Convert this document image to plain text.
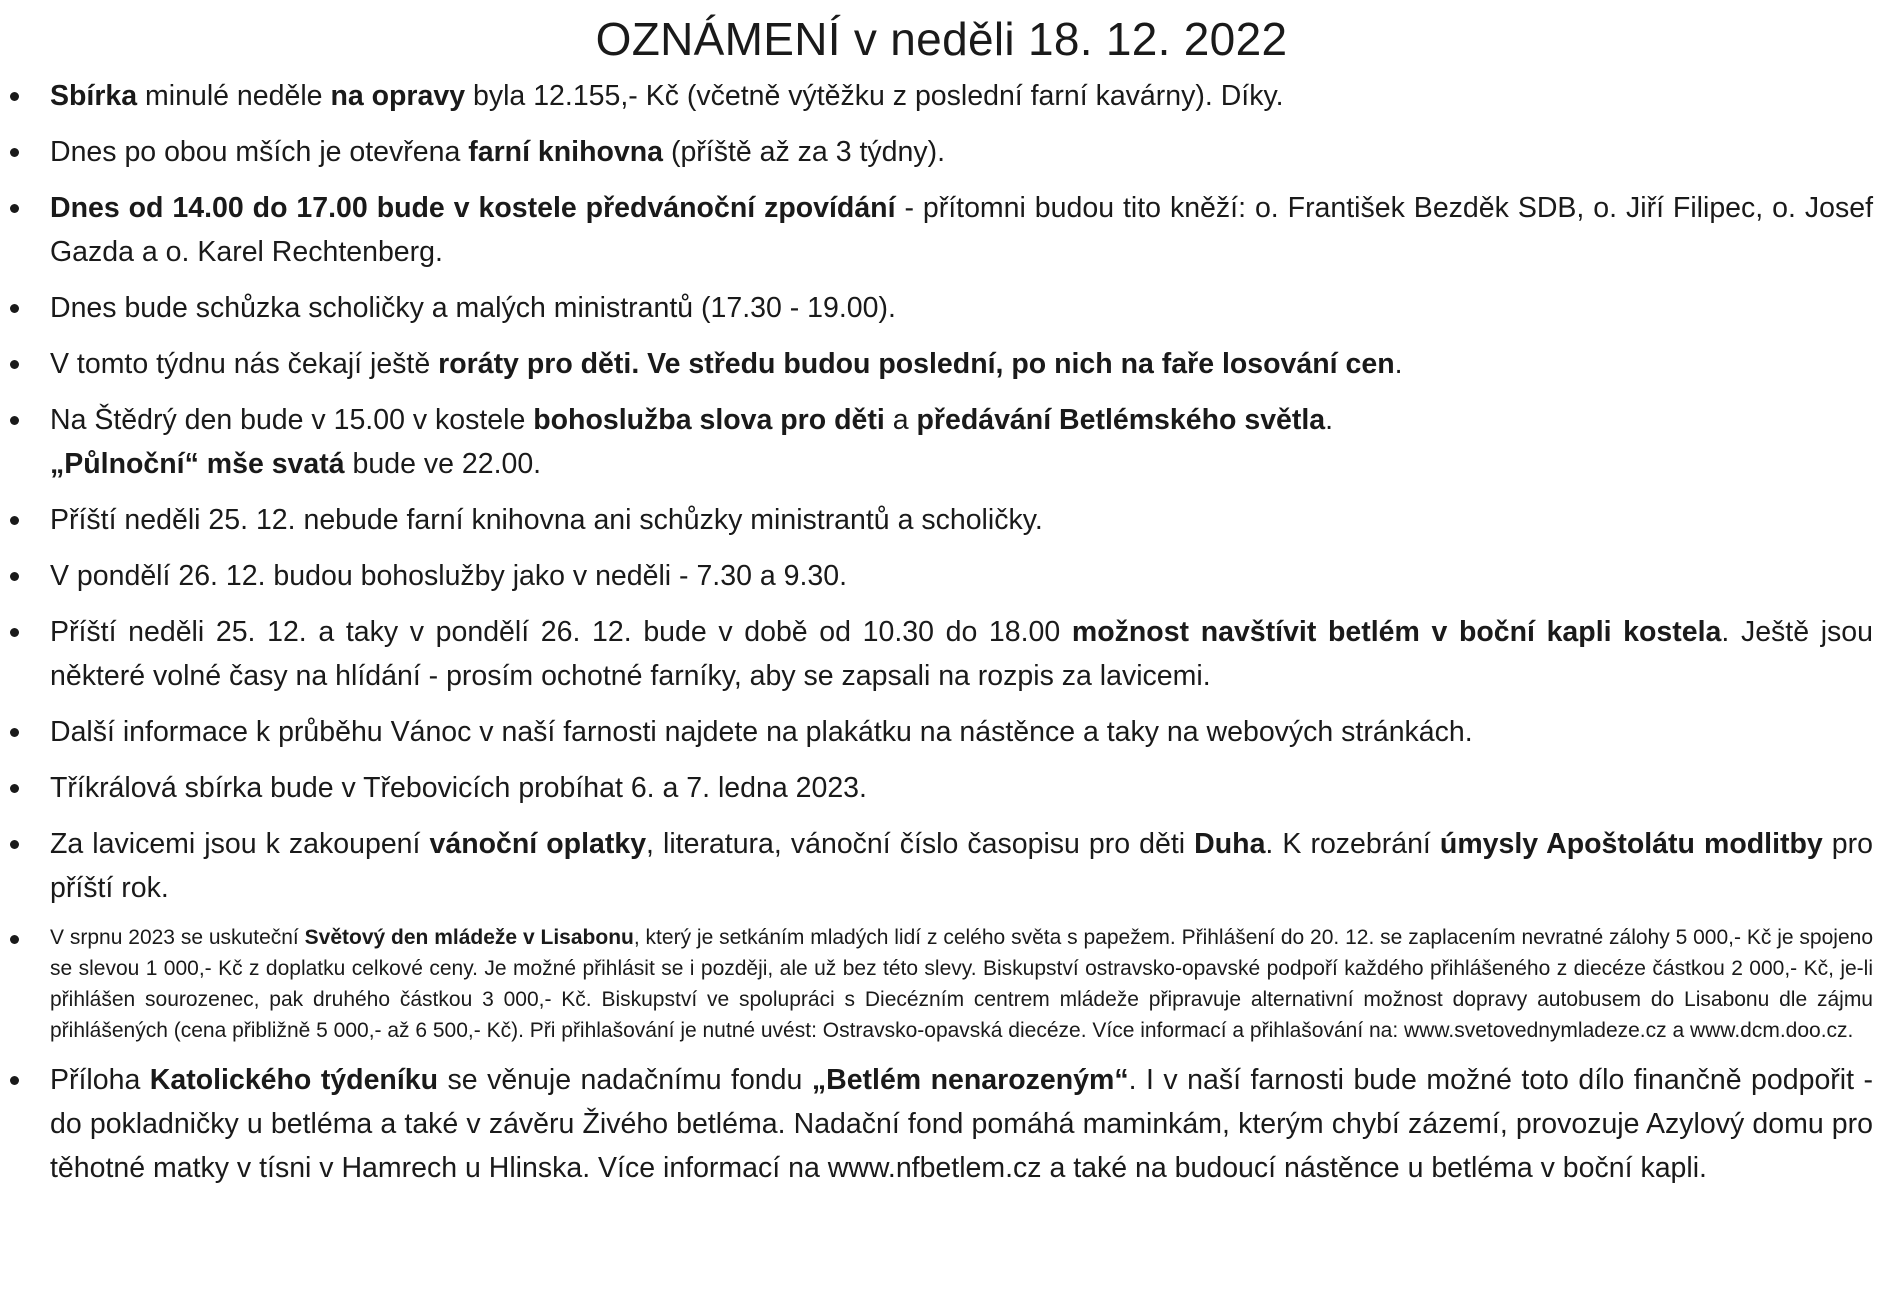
OZNÁMENÍ v neděli 18. 12. 2022
Sbírka minulé neděle na opravy byla 12.155,- Kč (včetně výtěžku z poslední farní kavárny). Díky.
Dnes po obou mších je otevřena farní knihovna (příště až za 3 týdny).
Dnes od 14.00 do 17.00 bude v kostele předvánoční zpovídání - přítomni budou tito kněží: o. František Bezděk SDB, o. Jiří Filipec, o. Josef Gazda a o. Karel Rechtenberg.
Dnes bude schůzka scholičky a malých ministrantů (17.30 - 19.00).
V tomto týdnu nás čekají ještě roráty pro děti. Ve středu budou poslední, po nich na faře losování cen.
Na Štědrý den bude v 15.00 v kostele bohoslužba slova pro děti a předávání Betlémského světla.
„Půlnoční“ mše svatá bude ve 22.00.
Příští neděli 25. 12. nebude farní knihovna ani schůzky ministrantů a scholičky.
V pondělí 26. 12. budou bohoslužby jako v neděli - 7.30 a 9.30.
Příští neděli 25. 12. a taky v pondělí 26. 12. bude v době od 10.30 do 18.00 možnost navštívit betlém v boční kapli kostela. Ještě jsou některé volné časy na hlídání - prosím ochotné farníky, aby se zapsali na rozpis za lavicemi.
Další informace k průběhu Vánoc v naší farnosti najdete na plakátku na nástěnce a taky na webových stránkách.
Tříkrálová sbírka bude v Třebovicích probíhat 6. a 7. ledna 2023.
Za lavicemi jsou k zakoupení vánoční oplatky, literatura, vánoční číslo časopisu pro děti Duha. K rozebrání úmysly Apoštolátu modlitby pro příští rok.
V srpnu 2023 se uskuteční Světový den mládeže v Lisabonu, který je setkáním mladých lidí z celého světa s papežem. Přihlášení do 20. 12. se zaplacením nevratné zálohy 5 000,- Kč je spojeno se slevou 1 000,- Kč z doplatku celkové ceny. Je možné přihlásit se i později, ale už bez této slevy. Biskupství ostravsko-opavské podpoří každého přihlášeného z diecéze částkou 2 000,- Kč, je-li přihlášen sourozenec, pak druhého částkou 3 000,- Kč. Biskupství ve spolupráci s Diecézním centrem mládeže připravuje alternativní možnost dopravy autobusem do Lisabonu dle zájmu přihlášených (cena přibližně 5 000,- až 6 500,- Kč). Při přihlašování je nutné uvést: Ostravsko-opavská diecéze. Více informací a přihlašování na: www.svetovednymladeze.cz a www.dcm.doo.cz.
Příloha Katolického týdeníku se věnuje nadačnímu fondu „Betlém nenarozeným“. I v naší farnosti bude možné toto dílo finančně podpořit - do pokladničky u betléma a také v závěru Živého betléma. Nadační fond pomáhá maminkám, kterým chybí zázemí, provozuje Azylový domu pro těhotné matky v tísni v Hamrech u Hlinska. Více informací na www.nfbetlem.cz a také na budoucí nástěnce u betléma v boční kapli.
